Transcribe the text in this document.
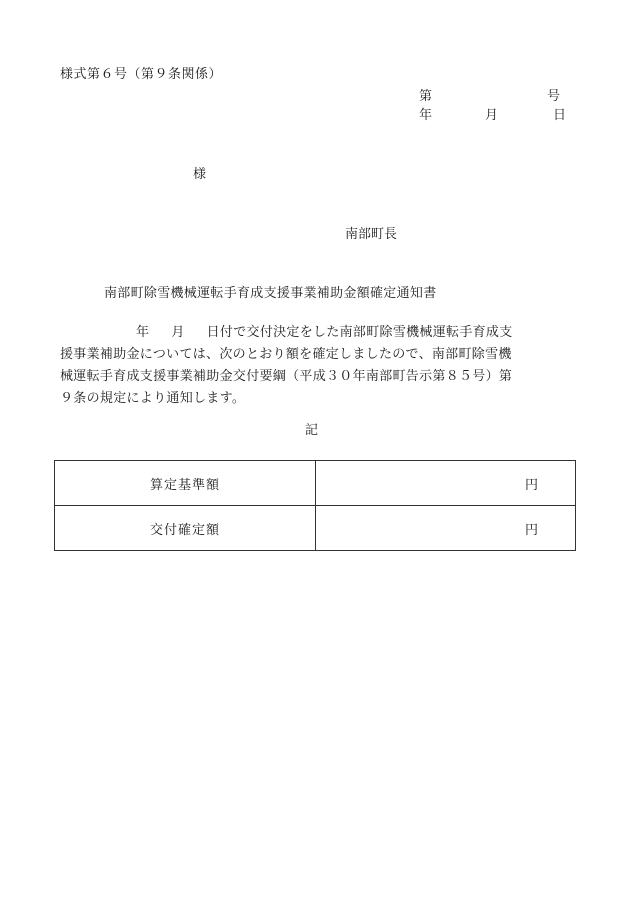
様式第６号（第９条関係）
第	号
年	月	日
様
南部町長
南部町除雪機械運転手育成支援事業補助金額確定通知書
年 月 日付で交付決定をした南部町除雪機械運転手育成支
援事業補助金については、次のとおり額を確定しましたので、南部町除雪機
械運転手育成支援事業補助金交付要綱（平成３０年南部町告示第８５号）第
９条の規定により通知します。
記
算定基準額	円
交付確定額	円
